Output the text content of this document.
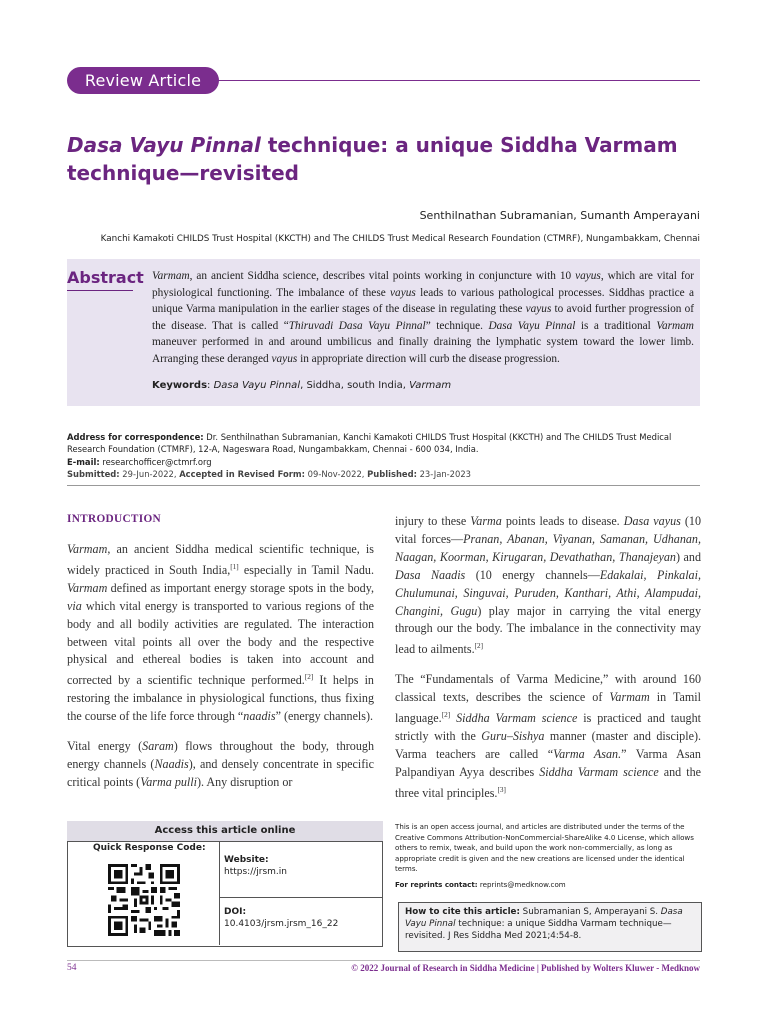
Review Article
Dasa Vayu Pinnal technique: a unique Siddha Varmam technique—revisited
Senthilnathan Subramanian, Sumanth Amperayani
Kanchi Kamakoti CHILDS Trust Hospital (KKCTH) and The CHILDS Trust Medical Research Foundation (CTMRF), Nungambakkam, Chennai
Abstract Varmam, an ancient Siddha science, describes vital points working in conjuncture with 10 vayus, which are vital for physiological functioning. The imbalance of these vayus leads to various pathological processes. Siddhas practice a unique Varma manipulation in the earlier stages of the disease in regulating these vayus to avoid further progression of the disease. That is called “Thiruvadi Dasa Vayu Pinnal” technique. Dasa Vayu Pinnal is a traditional Varmam maneuver performed in and around umbilicus and finally draining the lymphatic system toward the lower limb. Arranging these deranged vayus in appropriate direction will curb the disease progression.
Keywords: Dasa Vayu Pinnal, Siddha, south India, Varmam
Address for correspondence: Dr. Senthilnathan Subramanian, Kanchi Kamakoti CHILDS Trust Hospital (KKCTH) and The CHILDS Trust Medical Research Foundation (CTMRF), 12-A, Nageswara Road, Nungambakkam, Chennai - 600 034, India.
E-mail: researchofficer@ctmrf.org
Submitted: 29-Jun-2022, Accepted in Revised Form: 09-Nov-2022, Published: 23-Jan-2023
INTRODUCTION

Varmam, an ancient Siddha medical scientific technique, is widely practiced in South India,[1] especially in Tamil Nadu. Varmam defined as important energy storage spots in the body, via which vital energy is transported to various regions of the body and all bodily activities are regulated. The interaction between vital points all over the body and the respective physical and ethereal bodies is taken into account and corrected by a scientific technique performed.[2] It helps in restoring the imbalance in physiological functions, thus fixing the course of the life force through “naadis” (energy channels).

Vital energy (Saram) flows throughout the body, through energy channels (Naadis), and densely concentrate in specific critical points (Varma pulli). Any disruption or

injury to these Varma points leads to disease. Dasa vayus (10 vital forces—Pranan, Abanan, Viyanan, Samanan, Udhanan, Naagan, Koorman, Kirugaran, Devathathan, Thanajeyan) and Dasa Naadis (10 energy channels—Edakalai, Pinkalai, Chulumunai, Singuvai, Puruden, Kanthari, Athi, Alampudai, Changini, Gugu) play major in carrying the vital energy through our the body. The imbalance in the connectivity may lead to ailments.[2]

The “Fundamentals of Varma Medicine,” with around 160 classical texts, describes the science of Varmam in Tamil language.[2] Siddha Varmam science is practiced and taught strictly with the Guru–Sishya manner (master and disciple). Varma teachers are called “Varma Asan.” Varma Asan Palpandiyan Ayya describes Siddha Varmam science and the three vital principles.[3]

Access this article online
Quick Response Code:
Website:
https://jrsm.in
DOI:
10.4103/jrsm.jrsm_16_22
This is an open access journal, and articles are distributed under the terms of the Creative Commons Attribution-NonCommercial-ShareAlike 4.0 License, which allows others to remix, tweak, and build upon the work non-commercially, as long as appropriate credit is given and the new creations are licensed under the identical terms.
For reprints contact: reprints@medknow.com
How to cite this article: Subramanian S, Amperayani S. Dasa Vayu Pinnal technique: a unique Siddha Varmam technique—revisited. J Res Siddha Med 2021;4:54-8.
54	© 2022 Journal of Research in Siddha Medicine | Published by Wolters Kluwer - Medknow
